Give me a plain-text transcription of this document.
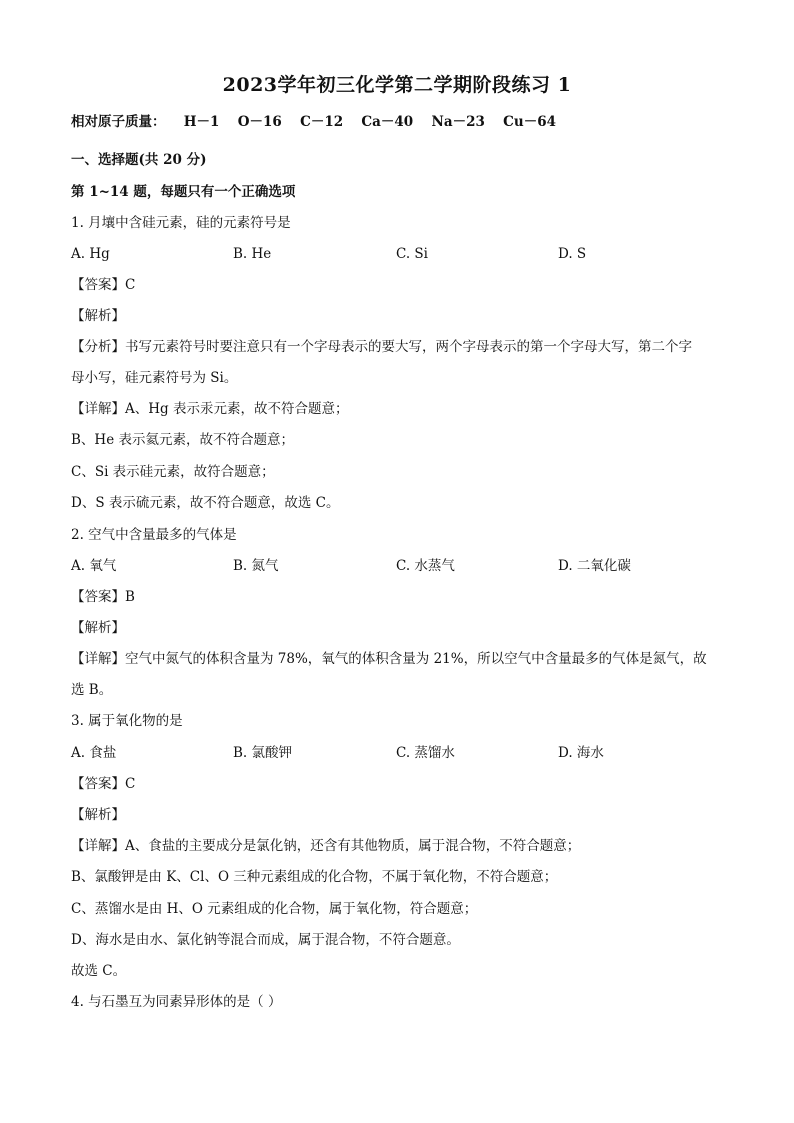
2023学年初三化学第二学期阶段练习 1
相对原子质量： H－1 O－16 C－12 Ca－40 Na－23 Cu－64
一、选择题(共 20 分)
第 1~14 题，每题只有一个正确选项
1. 月壤中含硅元素，硅的元素符号是
A. Hg	B. He	C. Si	D. S
【答案】C
【解析】
【分析】书写元素符号时要注意只有一个字母表示的要大写，两个字母表示的第一个字母大写，第二个字
母小写，硅元素符号为 Si。
【详解】A、Hg 表示汞元素，故不符合题意；
B、He 表示氦元素，故不符合题意；
C、Si 表示硅元素，故符合题意；
D、S 表示硫元素，故不符合题意，故选 C。
2. 空气中含量最多的气体是
A. 氧气	B. 氮气	C. 水蒸气	D. 二氧化碳
【答案】B
【解析】
【详解】空气中氮气的体积含量为 78%，氧气的体积含量为 21%，所以空气中含量最多的气体是氮气，故
选 B。
3. 属于氧化物的是
A. 食盐	B. 氯酸钾	C. 蒸馏水	D. 海水
【答案】C
【解析】
【详解】A、食盐的主要成分是氯化钠，还含有其他物质，属于混合物，不符合题意；
B、氯酸钾是由 K、Cl、O 三种元素组成的化合物，不属于氧化物，不符合题意；
C、蒸馏水是由 H、O 元素组成的化合物，属于氧化物，符合题意；
D、海水是由水、氯化钠等混合而成，属于混合物，不符合题意。
故选 C。
4. 与石墨互为同素异形体的是（ ）
